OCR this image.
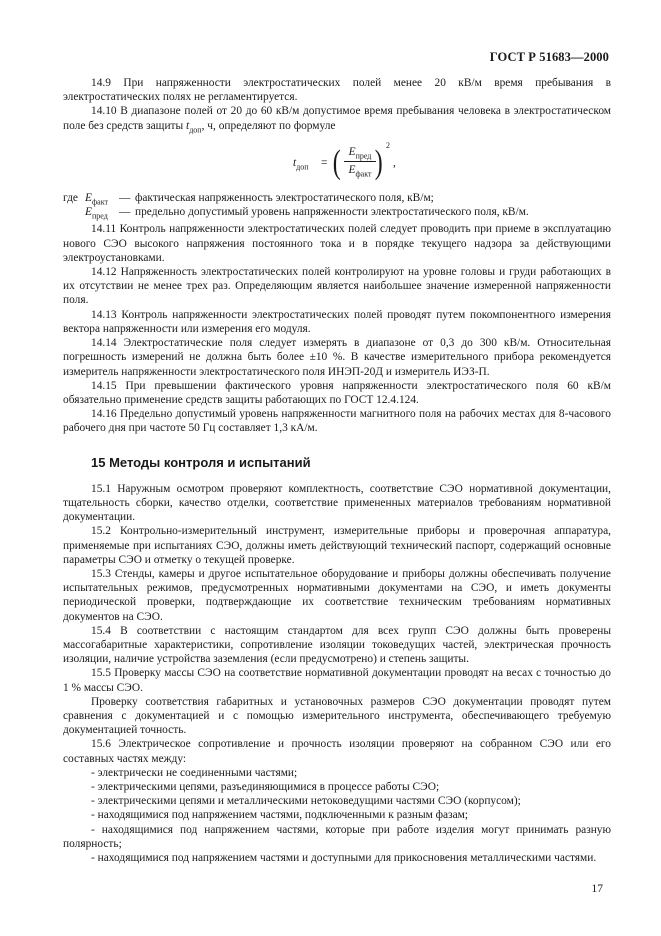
ГОСТ Р 51683—2000

14.9 При напряженности электростатических полей менее 20 кВ/м время пребывания в электростатических полях не регламентируется.

14.10 В диапазоне полей от 20 до 60 кВ/м допустимое время пребывания человека в электростатическом поле без средств защиты $t_{доп}$, ч, определяют по формуле

$t_{доп}$ = ( $E_{пред}$
$E_{факт}$ ) 2
,
где $E_{факт}$ — фактическая напряженность электростатического поля, кВ/м;
$E_{пред}$ — предельно допустимый уровень напряженности электростатического поля, кВ/м.

14.11 Контроль напряженности электростатических полей следует проводить при приеме в эксплуатацию нового СЭО высокого напряжения постоянного тока и в порядке текущего надзора за действующими электроустановками.

14.12 Напряженность электростатических полей контролируют на уровне головы и груди работающих в их отсутствии не менее трех раз. Определяющим является наибольшее значение измеренной напряженности поля.

14.13 Контроль напряженности электростатических полей проводят путем покомпонентного измерения вектора напряженности или измерения его модуля.

14.14 Электростатические поля следует измерять в диапазоне от 0,3 до 300 кВ/м. Относительная погрешность измерений не должна быть более ±10 %. В качестве измерительного прибора рекомендуется измеритель напряженности электростатического поля ИНЭП-20Д и измеритель ИЭЗ-П.

14.15 При превышении фактического уровня напряженности электростатического поля 60 кВ/м обязательно применение средств защиты работающих по ГОСТ 12.4.124.

14.16 Предельно допустимый уровень напряженности магнитного поля на рабочих местах для 8-часового рабочего дня при частоте 50 Гц составляет 1,3 кА/м.

15 Методы контроля и испытаний

15.1 Наружным осмотром проверяют комплектность, соответствие СЭО нормативной документации, тщательность сборки, качество отделки, соответствие примененных материалов требованиям нормативной документации.

15.2 Контрольно-измерительный инструмент, измерительные приборы и проверочная аппаратура, применяемые при испытаниях СЭО, должны иметь действующий технический паспорт, содержащий основные параметры СЭО и отметку о текущей проверке.

15.3 Стенды, камеры и другое испытательное оборудование и приборы должны обеспечивать получение испытательных режимов, предусмотренных нормативными документами на СЭО, и иметь документы периодической проверки, подтверждающие их соответствие техническим требованиям нормативных документов на СЭО.

15.4 В соответствии с настоящим стандартом для всех групп СЭО должны быть проверены массогабаритные характеристики, сопротивление изоляции токоведущих частей, электрическая прочность изоляции, наличие устройства заземления (если предусмотрено) и степень защиты.

15.5 Проверку массы СЭО на соответствие нормативной документации проводят на весах с точностью до 1 % массы СЭО.

Проверку соответствия габаритных и установочных размеров СЭО документации проводят путем сравнения с документацией и с помощью измерительного инструмента, обеспечивающего требуемую документацией точность.

15.6 Электрическое сопротивление и прочность изоляции проверяют на собранном СЭО или его составных частях между:

- электрически не соединенными частями;

- электрическими цепями, разъединяющимися в процессе работы СЭО;

- электрическими цепями и металлическими нетоковедущими частями СЭО (корпусом);

- находящимися под напряжением частями, подключенными к разным фазам;

- находящимися под напряжением частями, которые при работе изделия могут принимать разную полярность;

- находящимися под напряжением частями и доступными для прикосновения металлическими частями.

17
